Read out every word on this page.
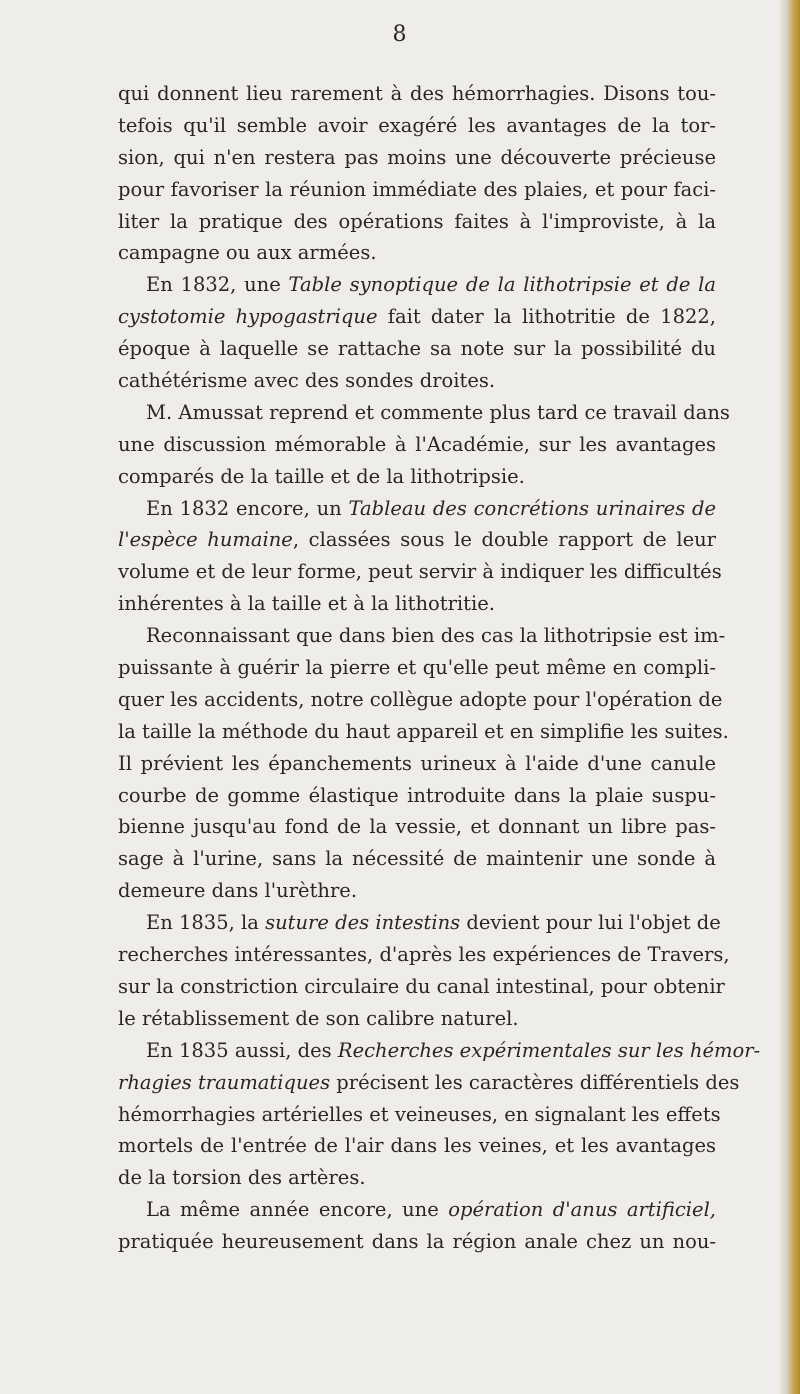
8
qui donnent lieu rarement à des hémorrhagies. Disons tou-
tefois qu'il semble avoir exagéré les avantages de la tor-
sion, qui n'en restera pas moins une découverte précieuse
pour favoriser la réunion immédiate des plaies, et pour faci-
liter la pratique des opérations faites à l'improviste, à la
campagne ou aux armées.
En 1832, une Table synoptique de la lithotripsie et de la
cystotomie hypogastrique fait dater la lithotritie de 1822,
époque à laquelle se rattache sa note sur la possibilité du
cathétérisme avec des sondes droites.
M. Amussat reprend et commente plus tard ce travail dans
une discussion mémorable à l'Académie, sur les avantages
comparés de la taille et de la lithotripsie.
En 1832 encore, un Tableau des concrétions urinaires de
l'espèce humaine, classées sous le double rapport de leur
volume et de leur forme, peut servir à indiquer les difficultés
inhérentes à la taille et à la lithotritie.
Reconnaissant que dans bien des cas la lithotripsie est im-
puissante à guérir la pierre et qu'elle peut même en compli-
quer les accidents, notre collègue adopte pour l'opération de
la taille la méthode du haut appareil et en simplifie les suites.
Il prévient les épanchements urineux à l'aide d'une canule
courbe de gomme élastique introduite dans la plaie suspu-
bienne jusqu'au fond de la vessie, et donnant un libre pas-
sage à l'urine, sans la nécessité de maintenir une sonde à
demeure dans l'urèthre.
En 1835, la suture des intestins devient pour lui l'objet de
recherches intéressantes, d'après les expériences de Travers,
sur la constriction circulaire du canal intestinal, pour obtenir
le rétablissement de son calibre naturel.
En 1835 aussi, des Recherches expérimentales sur les hémor-
rhagies traumatiques précisent les caractères différentiels des
hémorrhagies artérielles et veineuses, en signalant les effets
mortels de l'entrée de l'air dans les veines, et les avantages
de la torsion des artères.
La même année encore, une opération d'anus artificiel,
pratiquée heureusement dans la région anale chez un nou-
